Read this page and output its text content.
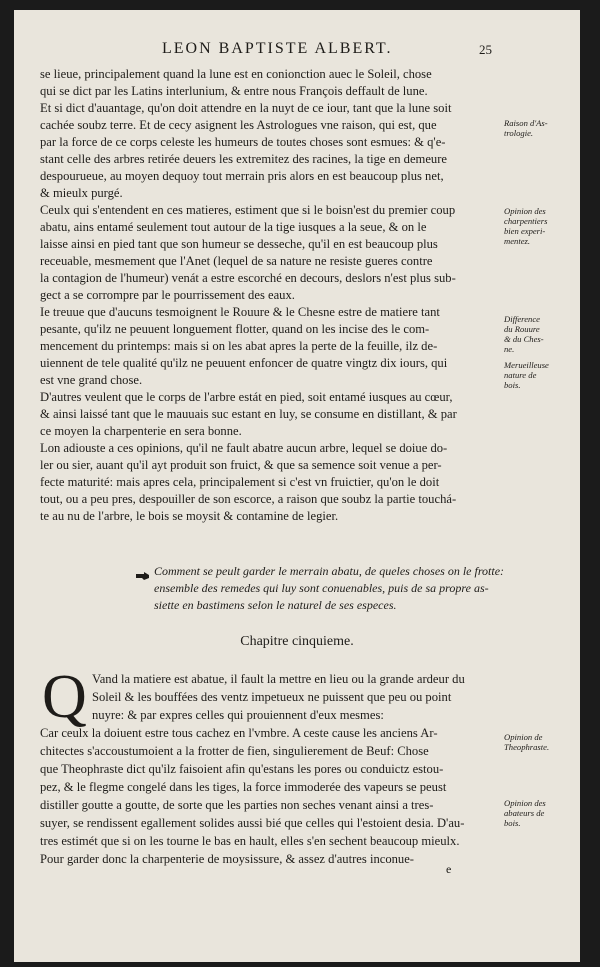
LEON BAPTISTE ALBERT.	25
se lieue, principalement quand la lune est en conionction auec le Soleil, chose
qui se dict par les Latins interlunium, & entre nous François deffault de lune.
Et si dict d'auantage, qu'on doit attendre en la nuyt de ce iour, tant que la lune soit
cachée soubz terre. Et de cecy asignent les Astrologues vne raison, qui est, que
par la force de ce corps celeste les humeurs de toutes choses sont esmues: & q'e-
stant celle des arbres retirée deuers les extremitez des racines, la tige en demeure
despourueue, au moyen dequoy tout merrain pris alors en est beaucoup plus net,
& mieulx purgé.
Ceulx qui s'entendent en ces matieres, estiment que si le boisn'est du premier coup
abatu, ains entamé seulement tout autour de la tige iusques a la seue, & on le
laisse ainsi en pied tant que son humeur se desseche, qu'il en est beaucoup plus
receuable, mesmement que l'Anet (lequel de sa nature ne resiste gueres contre
la contagion de l'humeur) venát a estre escorché en decours, deslors n'est plus sub-
gect a se corrompre par le pourrissement des eaux.
Ie treuue que d'aucuns tesmoignent le Rouure & le Chesne estre de matiere tant
pesante, qu'ilz ne peuuent longuement flotter, quand on les incise des le com-
mencement du printemps: mais si on les abat apres la perte de la feuille, ilz de-
uiennent de tele qualité qu'ilz ne peuuent enfoncer de quatre vingtz dix iours, qui
est vne grand chose.
D'autres veulent que le corps de l'arbre estát en pied, soit entamé iusques au cœur,
& ainsi laissé tant que le mauuais suc estant en luy, se consume en distillant, & par
ce moyen la charpenterie en sera bonne.
Lon adiouste a ces opinions, qu'il ne fault abatre aucun arbre, lequel se doiue do-
ler ou sier, auant qu'il ayt produit son fruict, & que sa semence soit venue a per-
fecte maturité: mais apres cela, principalement si c'est vn fruictier, qu'on le doit
tout, ou a peu pres, despouiller de son escorce, a raison que soubz la partie touchá-
te au nu de l'arbre, le bois se moysit & contamine de legier.
Raison d'As-
trologie.
Opinion des
charpentiers
bien experi-
mentez.
Difference
du Rouure
& du Ches-
ne.
Merueilleuse
nature de
bois.
Opinion de
Theophraste.
Opinion des
abateurs de
bois.
Comment se peult garder le merrain abatu, de queles choses on le frotte:
ensemble des remedes qui luy sont conuenables, puis de sa propre as-
siette en bastimens selon le naturel de ses especes.
Chapitre cinquieme.
Q Vand la matiere est abatue, il fault la mettre en lieu ou la grande ardeur du
Soleil & les bouffées des ventz impetueux ne puissent que peu ou point
nuyre: & par expres celles qui prouiennent d'eux mesmes:
Car ceulx la doiuent estre tous cachez en l'vmbre. A ceste cause les anciens Ar-
chitectes s'accoustumoient a la frotter de fien, singulierement de Beuf: Chose
que Theophraste dict qu'ilz faisoient afin qu'estans les pores ou conduictz estou-
pez, & le flegme congelé dans les tiges, la force immoderée des vapeurs se peust
distiller goutte a goutte, de sorte que les parties non seches venant ainsi a tres-
suyer, se rendissent egallement solides aussi bié que celles qui l'estoient desia. D'au-
tres estimét que si on les tourne le bas en hault, elles s'en sechent beaucoup mieulx.
Pour garder donc la charpenterie de moysissure, & assez d'autres inconue-
e
